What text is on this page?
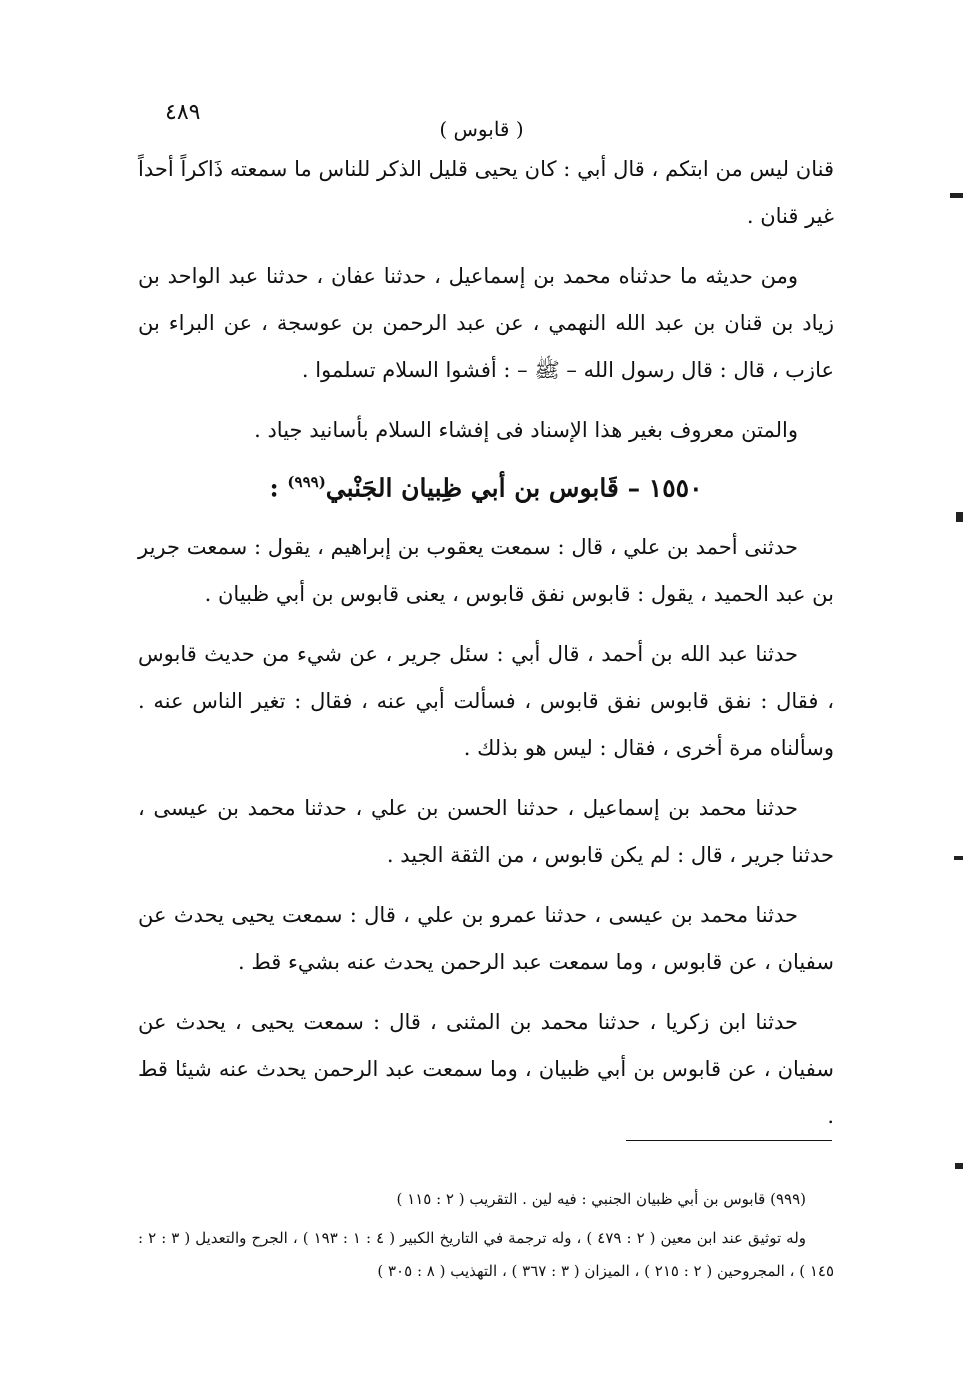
٤٨٩
( قابوس )

قنان ليس من ابتكم ، قال أبي : كان يحيى قليل الذكر للناس ما سمعته ذَاكراً أحداً غير قنان .

ومن حديثه ما حدثناه محمد بن إسماعيل ، حدثنا عفان ، حدثنا عبد الواحد بن زياد بن قنان بن عبد الله النهمي ، عن عبد الرحمن بن عوسجة ، عن البراء بن عازب ، قال : قال رسول الله – ﷺ – : أفشوا السلام تسلموا .

والمتن معروف بغير هذا الإسناد فى إفشاء السلام بأسانيد جياد .

١٥٥٠ – قَابوس بن أبي ظِبيان الجَنْبي$^{(٩٩٩)}$ :

حدثنى أحمد بن علي ، قال : سمعت يعقوب بن إبراهيم ، يقول : سمعت جرير بن عبد الحميد ، يقول : قابوس نفق قابوس ، يعنى قابوس بن أبي ظبيان .

حدثنا عبد الله بن أحمد ، قال أبي : سئل جرير ، عن شيء من حديث قابوس ، فقال : نفق قابوس نفق قابوس ، فسألت أبي عنه ، فقال : تغير الناس عنه . وسألناه مرة أخرى ، فقال : ليس هو بذلك .

حدثنا محمد بن إسماعيل ، حدثنا الحسن بن علي ، حدثنا محمد بن عيسى ، حدثنا جرير ، قال : لم يكن قابوس ، من الثقة الجيد .

حدثنا محمد بن عيسى ، حدثنا عمرو بن علي ، قال : سمعت يحيى يحدث عن سفيان ، عن قابوس ، وما سمعت عبد الرحمن يحدث عنه بشيء قط .

حدثنا ابن زكريا ، حدثنا محمد بن المثنى ، قال : سمعت يحيى ، يحدث عن سفيان ، عن قابوس بن أبي ظبيان ، وما سمعت عبد الرحمن يحدث عنه شيئا قط .

(٩٩٩) قابوس بن أبي ظبيان الجنبي : فيه لين . التقريب ( ٢ : ١١٥ )

وله توثيق عند ابن معين ( ٢ : ٤٧٩ ) ، وله ترجمة في التاريخ الكبير ( ٤ : ١ : ١٩٣ ) ، الجرح والتعديل ( ٣ : ٢ : ١٤٥ ) ، المجروحين ( ٢ : ٢١٥ ) ، الميزان ( ٣ : ٣٦٧ ) ، التهذيب ( ٨ : ٣٠٥ )
